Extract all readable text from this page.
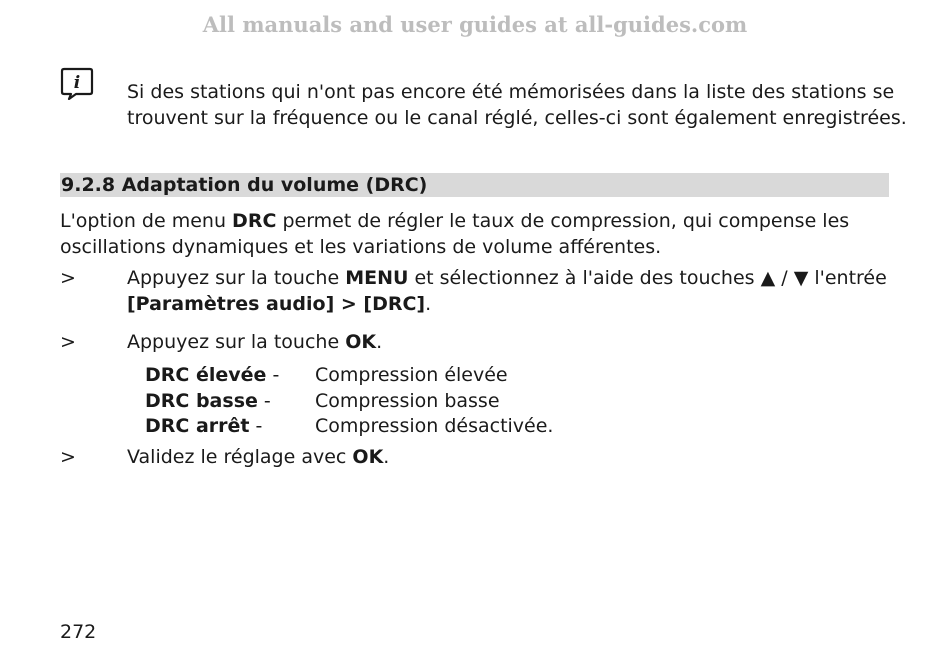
All manuals and user guides at all-guides.com
i Si des stations qui n'ont pas encore été mémorisées dans la liste des stations se trouvent sur la fréquence ou le canal réglé, celles-ci sont également enregistrées.
9.2.8 Adaptation du volume (DRC)
L'option de menu DRC permet de régler le taux de compression, qui compense les oscillations dynamiques et les variations de volume afférentes.
>	Appuyez sur la touche MENU et sélectionnez à l'aide des touches ▲ / ▼ l'entrée [Paramètres audio] > [DRC].
>	Appuyez sur la touche OK.
DRC élevée -	Compression élevée
DRC basse -	Compression basse
DRC arrêt -	Compression désactivée.
>	Validez le réglage avec OK.
272
